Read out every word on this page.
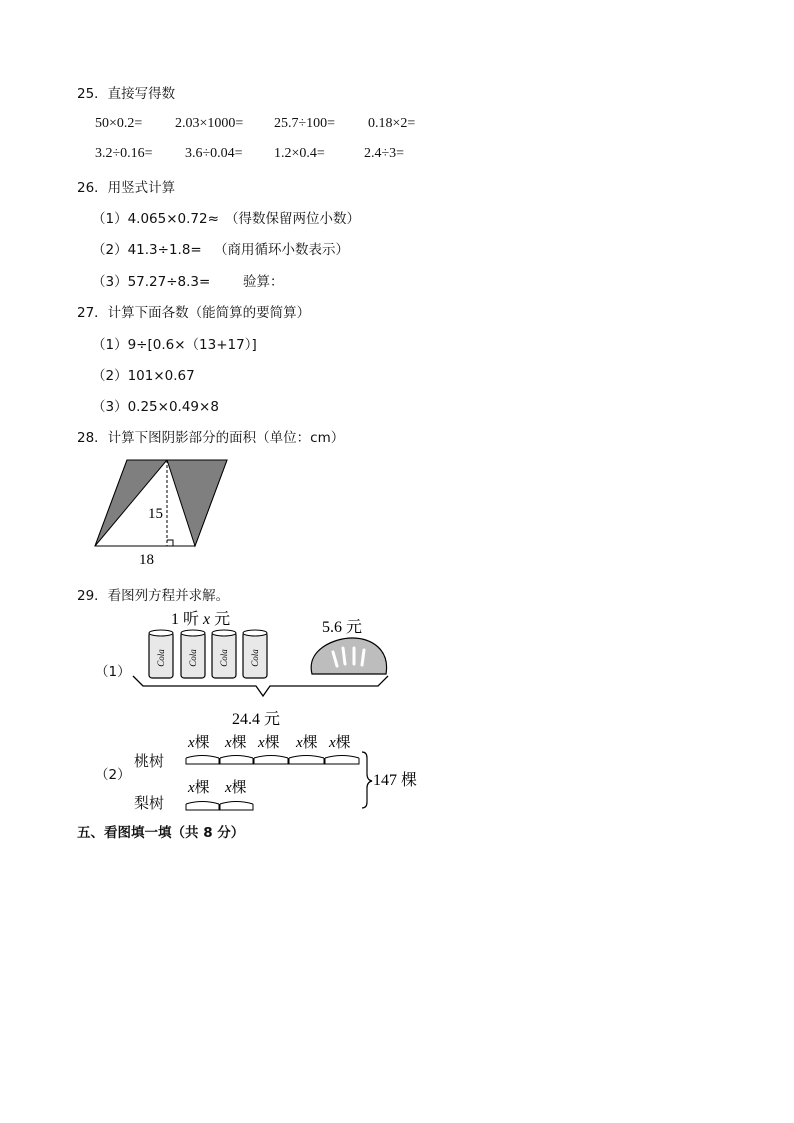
25．直接写得数
50×0.2= 2.03×1000= 25.7÷100= 0.18×2=
3.2÷0.16= 3.6÷0.04= 1.2×0.4=	2.4÷3=
26．用竖式计算
（1）4.065×0.72≈ （得数保留两位小数）
（2）41.3÷1.8= （商用循环小数表示）
（3）57.27÷8.3= 验算：
27．计算下面各数（能简算的要简算）
（1）9÷[0.6×（13+17）]
（2）101×0.67
（3）0.25×0.49×8
28．计算下图阴影部分的面积（单位：cm）
15
18
29．看图列方程并求解。
（1）
1 听 x 元
Cola Cola Cola Cola
5.6 元
24.4 元
（2）
桃树
梨树
x棵 x棵 x棵 x棵 x棵
x棵 x棵	147 棵
五、看图填一填（共 8 分）
